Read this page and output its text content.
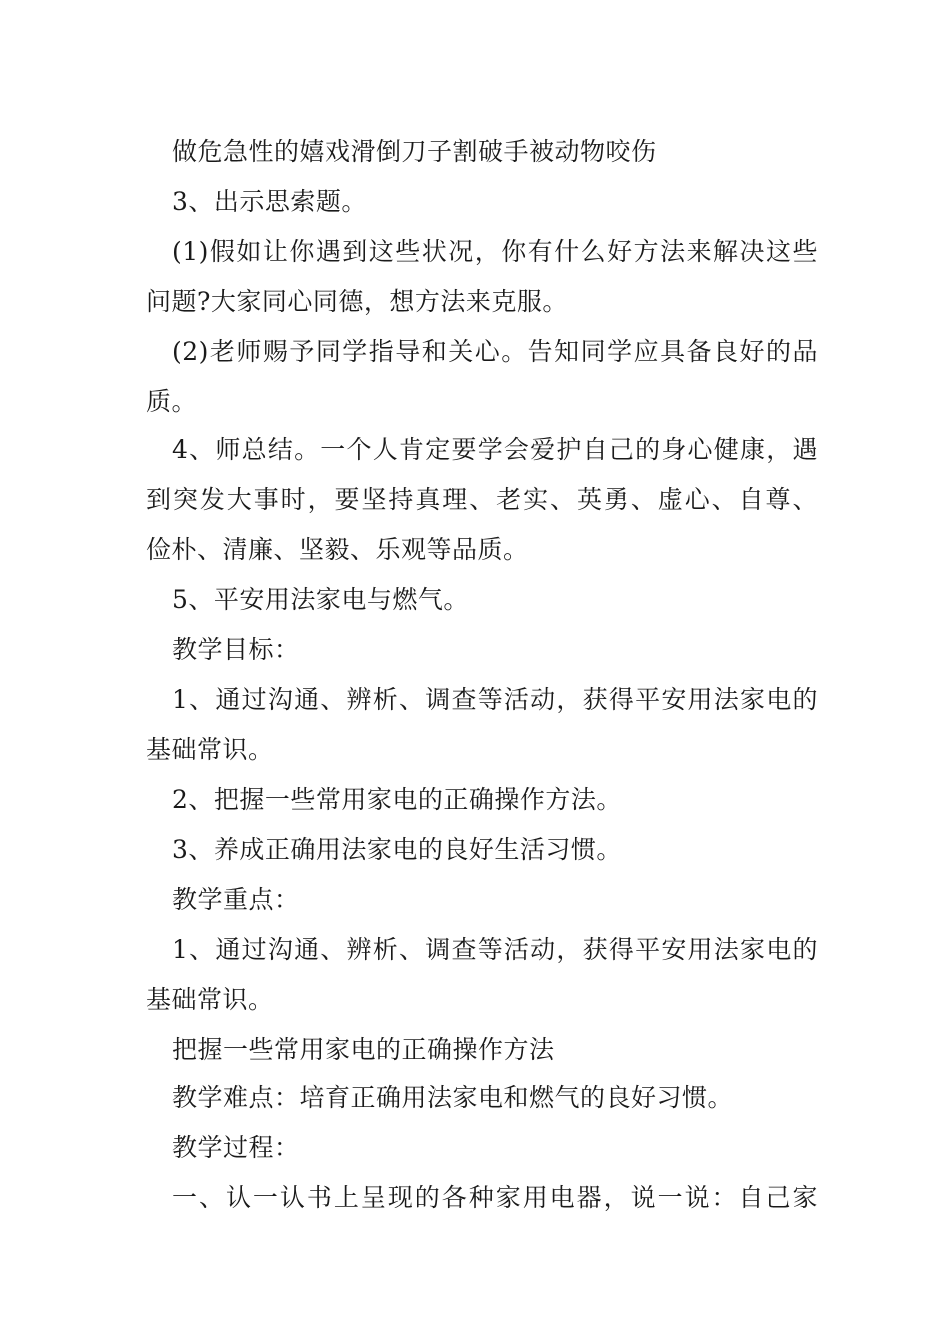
做危急性的嬉戏滑倒刀子割破手被动物咬伤

3、出示思索题。

(1)假如让你遇到这些状况，你有什么好方法来解决这些

问题?大家同心同德，想方法来克服。

(2)老师赐予同学指导和关心。告知同学应具备良好的品

质。

4、师总结。一个人肯定要学会爱护自己的身心健康，遇

到突发大事时，要坚持真理、老实、英勇、虚心、自尊、

俭朴、清廉、坚毅、乐观等品质。

5、平安用法家电与燃气。

教学目标：

1、通过沟通、辨析、调查等活动，获得平安用法家电的

基础常识。

2、把握一些常用家电的正确操作方法。

3、养成正确用法家电的良好生活习惯。

教学重点：

1、通过沟通、辨析、调查等活动，获得平安用法家电的

基础常识。

把握一些常用家电的正确操作方法

教学难点：培育正确用法家电和燃气的良好习惯。

教学过程：

一、认一认书上呈现的各种家用电器，说一说：自己家
